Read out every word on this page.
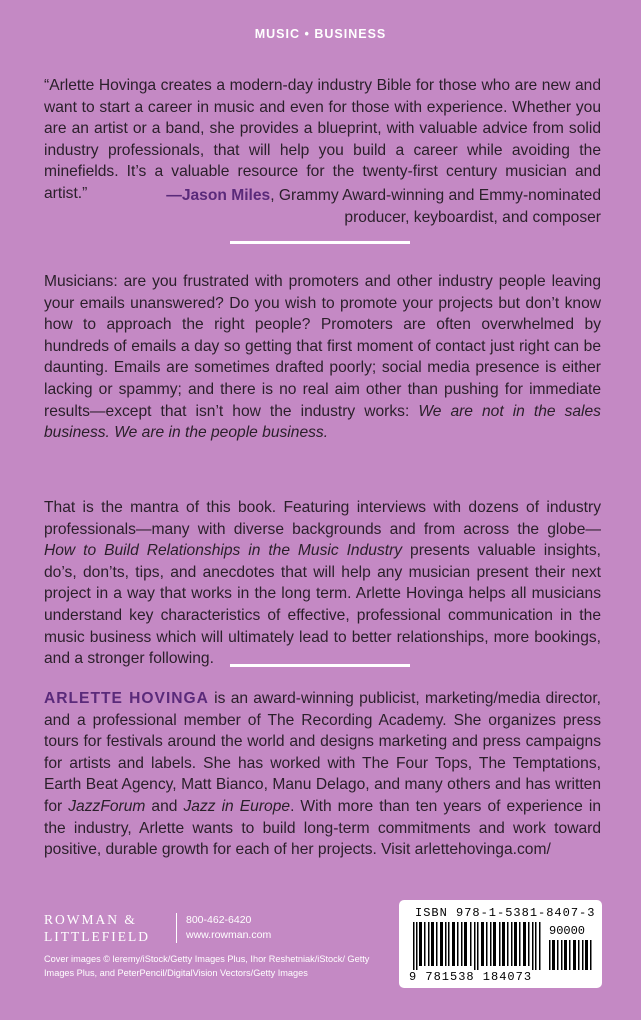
MUSIC • BUSINESS

“Arlette Hovinga creates a modern-day industry Bible for those who are new and want to start a career in music and even for those with experience. Whether you are an artist or a band, she provides a blueprint, with valuable advice from solid industry professionals, that will help you build a career while avoiding the minefields. It’s a valuable resource for the twenty-first century musician and artist.”	—Jason Miles, Grammy Award-winning and Emmy-nominated
producer, keyboardist, and composer

Musicians: are you frustrated with promoters and other industry people leaving your emails unanswered? Do you wish to promote your projects but don’t know how to approach the right people? Promoters are often overwhelmed by hundreds of emails a day so getting that first moment of contact just right can be daunting. Emails are sometimes drafted poorly; social media presence is either lacking or spammy; and there is no real aim other than pushing for immediate results—except that isn’t how the industry works: We are not in the sales business. We are in the people business.

That is the mantra of this book. Featuring interviews with dozens of industry professionals—many with diverse backgrounds and from across the globe—How to Build Relationships in the Music Industry presents valuable insights, do’s, don’ts, tips, and anecdotes that will help any musician present their next project in a way that works in the long term. Arlette Hovinga helps all musicians understand key characteristics of effective, professional communication in the music business which will ultimately lead to better relationships, more bookings, and a stronger following.

ARLETTE HOVINGA is an award-winning publicist, marketing/media director, and a professional member of The Recording Academy. She organizes press tours for festivals around the world and designs marketing and press campaigns for artists and labels. She has worked with The Four Tops, The Temptations, Earth Beat Agency, Matt Bianco, Manu Delago, and many others and has written for JazzForum and Jazz in Europe. With more than ten years of experience in the industry, Arlette wants to build long-term commitments and work toward positive, durable growth for each of her projects. Visit arlettehovinga.com/

ROWMAN &
LITTLEFIELD
800-462-6420
www.rowman.com
Cover images © leremy/iStock/Getty Images Plus, Ihor Reshetniak/iStock/ Getty Images Plus, and PeterPencil/DigitalVision Vectors/Getty Images
ISBN 978-1-5381-8407-3
90000
9 781538 184073
